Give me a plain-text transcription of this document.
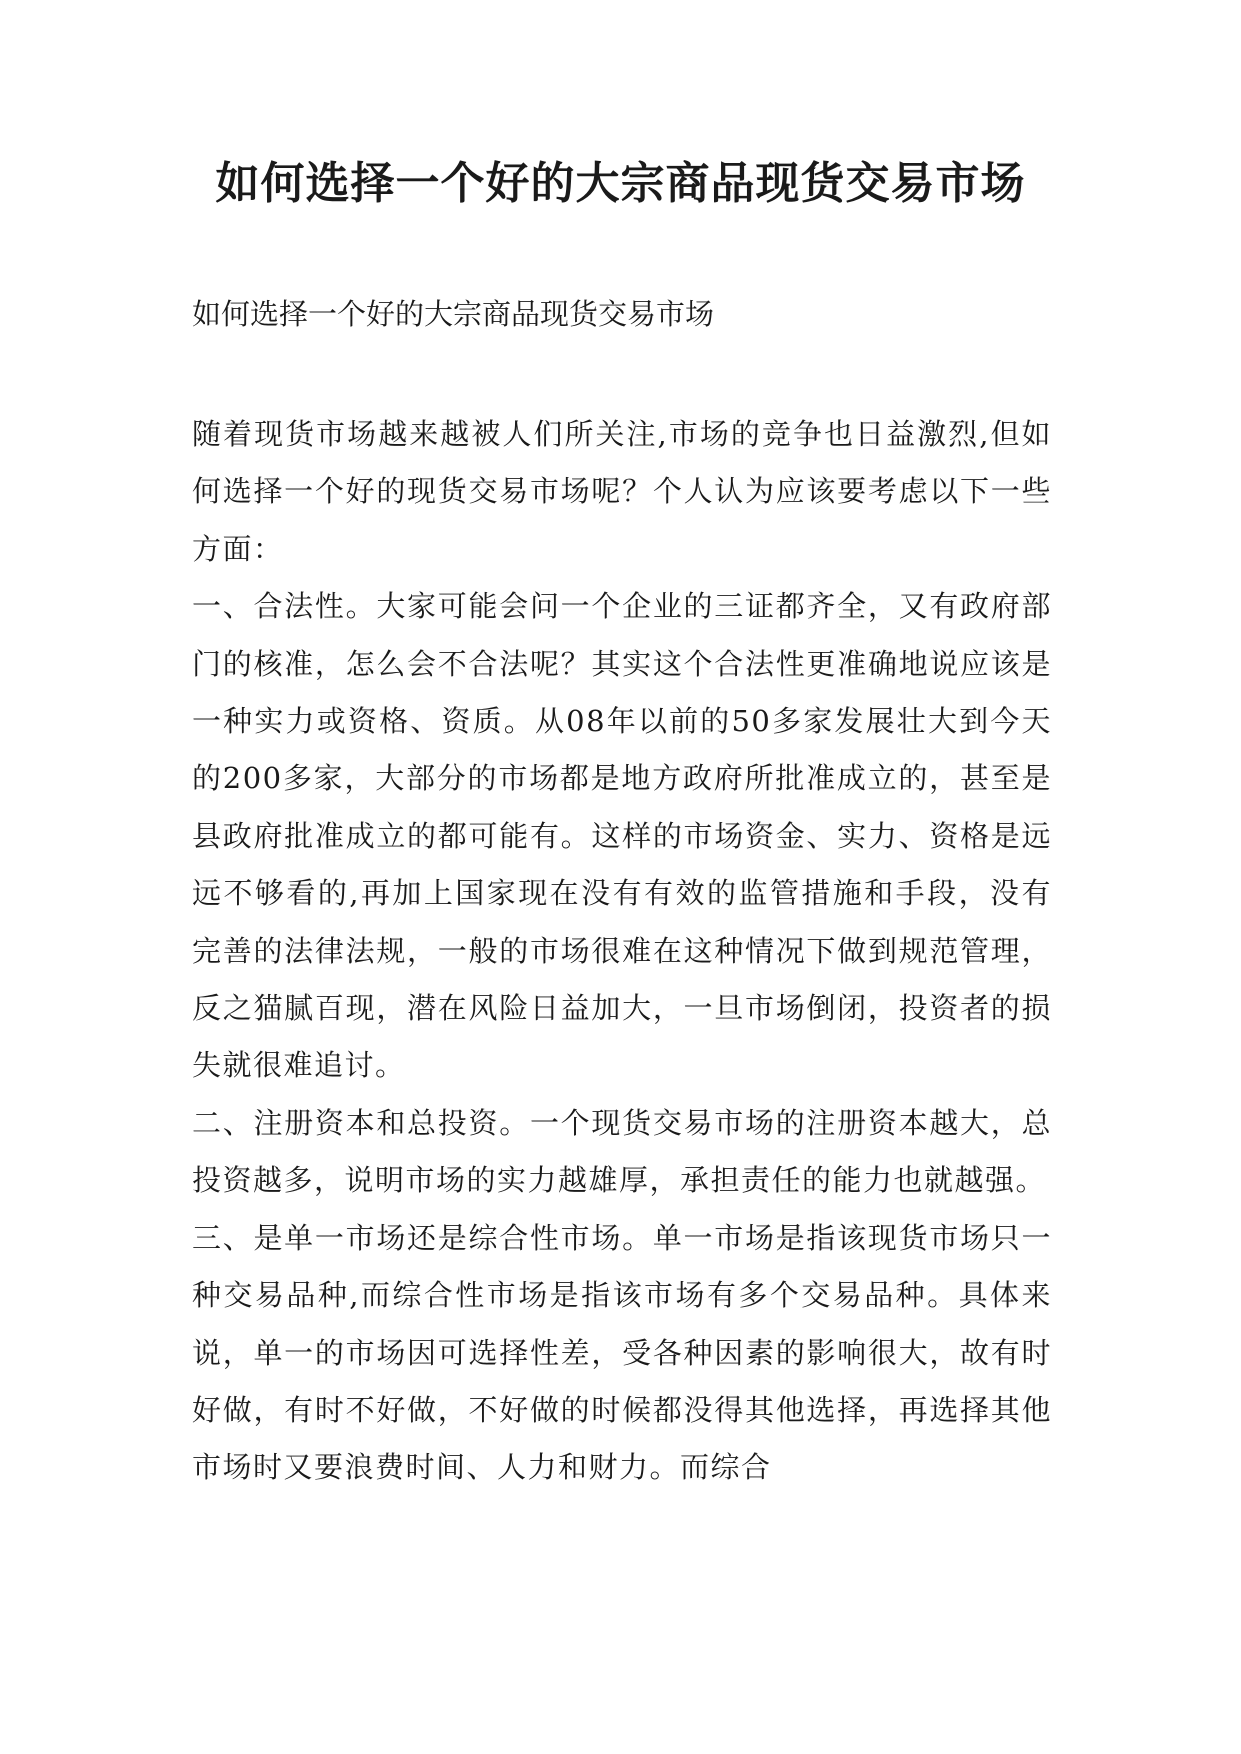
如何选择一个好的大宗商品现货交易市场

如何选择一个好的大宗商品现货交易市场

随着现货市场越来越被人们所关注,市场的竞争也日益激烈,但如何选择一个好的现货交易市场呢？个人认为应该要考虑以下一些方面：

一、合法性。大家可能会问一个企业的三证都齐全，又有政府部门的核准，怎么会不合法呢？其实这个合法性更准确地说应该是一种实力或资格、资质。从08年以前的50多家发展壮大到今天的200多家，大部分的市场都是地方政府所批准成立的，甚至是县政府批准成立的都可能有。这样的市场资金、实力、资格是远远不够看的,再加上国家现在没有有效的监管措施和手段，没有完善的法律法规，一般的市场很难在这种情况下做到规范管理，反之猫腻百现，潜在风险日益加大，一旦市场倒闭，投资者的损失就很难追讨。

二、注册资本和总投资。一个现货交易市场的注册资本越大，总投资越多，说明市场的实力越雄厚，承担责任的能力也就越强。

三、是单一市场还是综合性市场。单一市场是指该现货市场只一种交易品种,而综合性市场是指该市场有多个交易品种。具体来说，单一的市场因可选择性差，受各种因素的影响很大，故有时好做，有时不好做，不好做的时候都没得其他选择，再选择其他市场时又要浪费时间、人力和财力。而综合
